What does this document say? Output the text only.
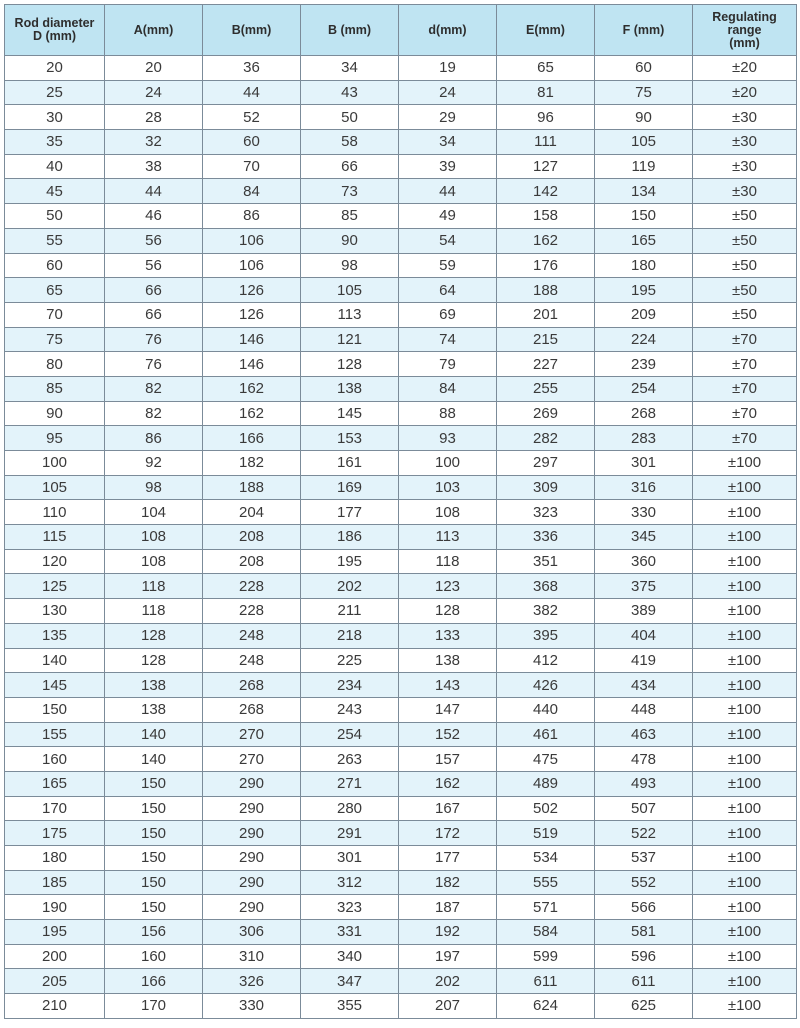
Rod diameter
D (mm)	A(mm)	B(mm)	B (mm)	d(mm)	E(mm)	F (mm)	Regulating
range
(mm)
20	20	36	34	19	65	60	±20
25	24	44	43	24	81	75	±20
30	28	52	50	29	96	90	±30
35	32	60	58	34	111	105	±30
40	38	70	66	39	127	119	±30
45	44	84	73	44	142	134	±30
50	46	86	85	49	158	150	±50
55	56	106	90	54	162	165	±50
60	56	106	98	59	176	180	±50
65	66	126	105	64	188	195	±50
70	66	126	113	69	201	209	±50
75	76	146	121	74	215	224	±70
80	76	146	128	79	227	239	±70
85	82	162	138	84	255	254	±70
90	82	162	145	88	269	268	±70
95	86	166	153	93	282	283	±70
100	92	182	161	100	297	301	±100
105	98	188	169	103	309	316	±100
110	104	204	177	108	323	330	±100
115	108	208	186	113	336	345	±100
120	108	208	195	118	351	360	±100
125	118	228	202	123	368	375	±100
130	118	228	211	128	382	389	±100
135	128	248	218	133	395	404	±100
140	128	248	225	138	412	419	±100
145	138	268	234	143	426	434	±100
150	138	268	243	147	440	448	±100
155	140	270	254	152	461	463	±100
160	140	270	263	157	475	478	±100
165	150	290	271	162	489	493	±100
170	150	290	280	167	502	507	±100
175	150	290	291	172	519	522	±100
180	150	290	301	177	534	537	±100
185	150	290	312	182	555	552	±100
190	150	290	323	187	571	566	±100
195	156	306	331	192	584	581	±100
200	160	310	340	197	599	596	±100
205	166	326	347	202	611	611	±100
210	170	330	355	207	624	625	±100
